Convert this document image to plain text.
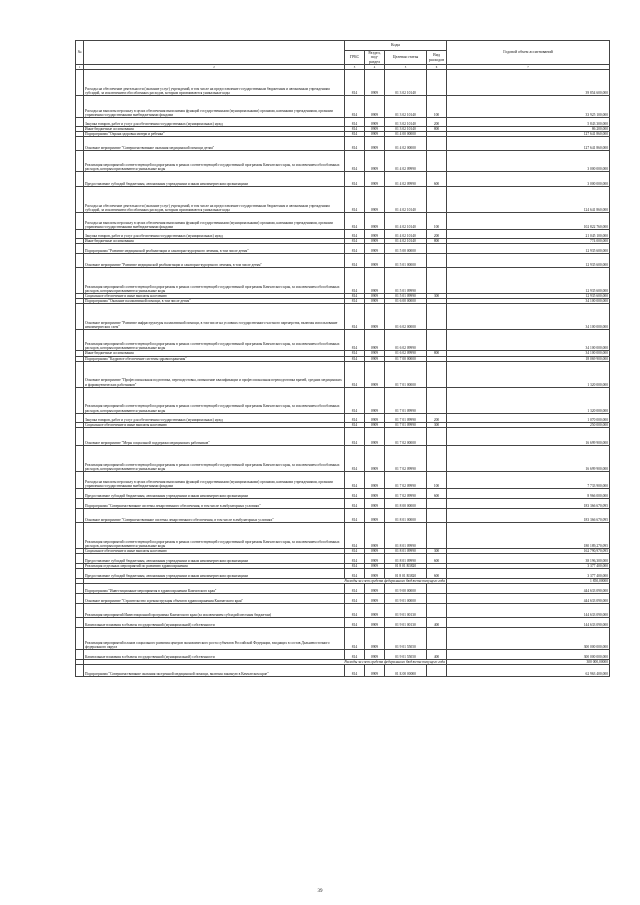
№		Коды				Годовой объем ассигнований
		ГРБС	Раздел, под-раздел	Целевая статья	Вид расходов	
1	2	3	4	5	6	7
	Расходы на обеспечение деятельности (оказание услуг) учреждений, в том числе на предоставление государственным бюджетным и автономным учреждениям субсидий, за исключением обособленных расходов, которым присваиваются уникальные коды	814	0909	01 3 02 10140		39 854 600,000
	Расходы на выплаты персоналу в целях обеспечения выполнения функций государственными (муниципальными) органами, казенными учреждениями, органами управления государственными внебюджетными фондами	814	0909	01 3 02 10140	100	33 925 100,000
	Закупка товаров, работ и услуг для обеспечения государственных (муниципальных) нужд	814	0909	01 3 02 10140	200	5 843 300,000
	Иные бюджетные ассигнования	814	0909	01 3 02 10140	800	86 200,000
	Подпрограмма "Охрана здоровья матери и ребенка"	814	0909	01 4 00 00000		127 641 860,000
	Основное мероприятие "Совершенствование оказания медицинской помощи детям"	814	0909	01 4 02 00000		127 641 860,000
	Реализация мероприятий соответствующей подпрограммы в рамках соответствующей государственной программы Камчатского края, за исключением обособленных расходов, которым присваиваются уникальные коды	814	0909	01 4 02 09990		3 000 000,000
	Предоставление субсидий бюджетным, автономным учреждениям и иным некоммерческим организациям	814	0909	01 4 02 09990	600	3 000 000,000
	Расходы на обеспечение деятельности (оказание услуг) учреждений, в том числе на предоставление государственным бюджетным и автономным учреждениям субсидий, за исключением обособленных расходов, которым присваиваются уникальные коды	814	0909	01 4 02 10140		124 641 860,000
	Расходы на выплаты персоналу в целях обеспечения выполнения функций государственными (муниципальными) органами, казенными учреждениями, органами управления государственными внебюджетными фондами	814	0909	01 4 02 10140	100	102 822 760,000
	Закупка товаров, работ и услуг для обеспечения государственных (муниципальных) нужд	814	0909	01 4 02 10140	200	21 045 100,000
	Иные бюджетные ассигнования	814	0909	01 4 02 10140	800	774 000,000
	Подпрограмма "Развитие медицинской реабилитации и санаторно-курортного лечения, в том числе детям"	814	0909	01 5 00 00000		12 935 600,000
	Основное мероприятие "Развитие медицинской реабилитации и санаторно-курортного лечения, в том числе детям"	814	0909	01 5 01 00000		12 935 600,000
	Реализация мероприятий соответствующей подпрограммы в рамках соответствующей государственной программы Камчатского края, за исключением обособленных расходов, которым присваиваются уникальные коды	814	0909	01 5 01 09990		12 935 600,000
	Социальное обеспечение и иные выплаты населению	814	0909	01 5 01 09990	300	12 935 600,000
	Подпрограмма "Оказание паллиативной помощи, в том числе детям"	814	0909	01 6 00 00000		34 100 000,000
	Основное мероприятие "Развитие инфраструктуры паллиативной помощи, в том числе на условиях государственного частного партнерства, включая использование некоммерческих схем"	814	0909	01 6 02 00000		34 100 000,000
	Реализация мероприятий соответствующей подпрограммы в рамках соответствующей государственной программы Камчатского края, за исключением обособленных расходов, которым присваиваются уникальные коды	814	0909	01 6 02 09990		34 100 000,000
	Иные бюджетные ассигнования	814	0909	01 6 02 09990	800	34 100 000,000
	Подпрограмма "Кадровое обеспечение системы здравоохранения"	814	0909	01 7 00 00000		18 069 900,000
	Основное мероприятие "Профессиональная подготовка, переподготовка, повышение квалификации и профессиональная переподготовка врачей, средних медицинских и фармацевтических работников"	814	0909	01 7 01 00000		1 320 000,000
	Реализация мероприятий соответствующей подпрограммы в рамках соответствующей государственной программы Камчатского края, за исключением обособленных расходов, которым присваиваются уникальные коды	814	0909	01 7 01 09990		1 320 000,000
	Закупка товаров, работ и услуг для обеспечения государственных (муниципальных) нужд	814	0909	01 7 01 09990	200	1 070 000,000
	Социальное обеспечение и иные выплаты населению	814	0909	01 7 01 09990	300	250 000,000
	Основное мероприятие "Меры социальной поддержки медицинских работников"	814	0909	01 7 02 00000		16 699 900,000
	Реализация мероприятий соответствующей подпрограммы в рамках соответствующей государственной программы Камчатского края, за исключением обособленных расходов, которым присваиваются уникальные коды	814	0909	01 7 02 09990		16 699 900,000
	Расходы на выплаты персоналу в целях обеспечения выполнения функций государственными (муниципальными) органами, казенными учреждениями, органами управления государственными внебюджетными фондами	814	0909	01 7 02 09990	100	7 733 900,000
	Предоставление субсидий бюджетным, автономным учреждениям и иным некоммерческим организациям	814	0909	01 7 02 09990	600	8 966 000,000
	Подпрограмма "Совершенствование системы лекарственного обеспечения, в том числе в амбулаторных условиях"	814	0909	01 8 00 00000		183 366 670,095
	Основное мероприятие "Совершенствование системы лекарственного обеспечения, в том числе в амбулаторных условиях"	814	0909	01 8 01 00000		183 366 670,095
	Реализация мероприятий соответствующей подпрограммы в рамках соответствующей государственной программы Камчатского края, за исключением обособленных расходов, которым присваиваются уникальные коды	814	0909	01 8 01 09990		180 189,270,095
	Социальное обеспечение и иные выплаты населению	814	0909	01 8 01 09990	300	162 790,970,095
	Предоставление субсидий бюджетным, автономным учреждениям и иным некоммерческим организациям	814	0909	01 8 01 09990	600	38 196,300,000
	Реализация отдельных мероприятий по развитию здравоохранения	814	0909	01 8 01 R3820		3 377 400,000
	Предоставление субсидий бюджетным, автономным учреждениям и иным некоммерческим организациям	814	0909	01 8 01 R3820	600	3 377 400,000
	Расходы за счет средств федерального бюджета текущего года					1 850,00000
	Подпрограмма "Инвестиционные мероприятия в здравоохранении Камчатского края"	814	0909	01 9 00 00000		444 633 090,000
	Основное мероприятие "Строительство и реконструкция объектов здравоохранения Камчатского края"	814	0909	01 9 01 00000		444 633 090,000
	Реализация мероприятий Инвестиционной программы Камчатского края (за исключением субсидий местным бюджетам)	814	0909	01 9 01 00130		144 633 090,000
	Капитальные вложения в объекты государственной (муниципальной) собственности	814	0909	01 9 01 00130	400	144 633 090,000
	Реализация мероприятий планов социального развития центров экономического роста субъектов Российской Федерации, входящих в состав Дальневосточного федерального округа	814	0909	01 9 01 55050		300 000 000,000
	Капитальные вложения в объекты государственной (муниципальной) собственности	814	0909	01 9 01 55050	400	300 000 000,000
	Расходы за счет средств федерального бюджета текущего года					300 000,00000
	Подпрограмма "Совершенствование оказания экстренной медицинской помощи, включая заказную в Камчатском крае"	814	0909	01 Б 00 00000		62 963 400,000
39
